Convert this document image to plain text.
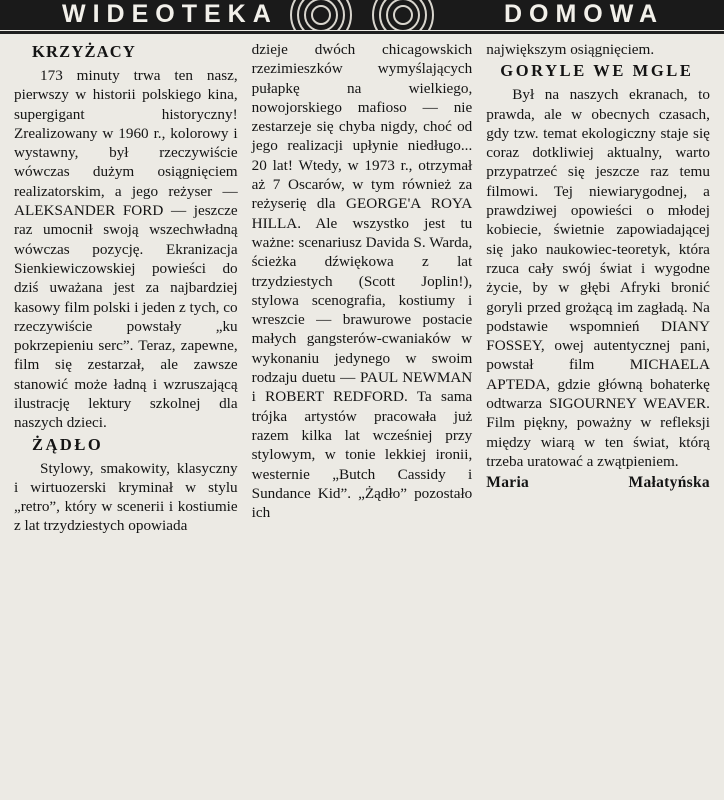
WIDEOTEKA	DOMOWA
KRZYŻACY

173 minuty trwa ten nasz, pierwszy w historii polskiego kina, supergigant historyczny! Zrealizowany w 1960 r., kolorowy i wystawny, był rzeczywiście wówczas dużym osiągnięciem realizatorskim, a jego reżyser — ALEKSANDER FORD — jeszcze raz umocnił swoją wszechwładną wówczas pozycję. Ekranizacja Sienkiewiczowskiej powieści do dziś uważana jest za najbardziej kasowy film polski i jeden z tych, co rzeczywiście powstały „ku pokrzepieniu serc”. Teraz, zapewne, film się zestarzał, ale zawsze stanowić może ładną i wzruszającą ilustrację lektury szkolnej dla naszych dzieci.

ŻĄDŁO

Stylowy, smakowity, klasyczny i wirtuozerski kryminał w stylu „retro”, który w scenerii i kostiumie z lat trzydziestych opowiada

dzieje dwóch chicagowskich rzezimieszków wymyślających pułapkę na wielkiego, nowojorskiego mafioso — nie zestarzeje się chyba nigdy, choć od jego realizacji upłynie niedługo... 20 lat! Wtedy, w 1973 r., otrzymał aż 7 Oscarów, w tym również za reżyserię dla GEORGE'A ROYA HILLA. Ale wszystko jest tu ważne: scenariusz Davida S. Warda, ścieżka dźwiękowa z lat trzydziestych (Scott Joplin!), stylowa scenografia, kostiumy i wreszcie — brawurowe postacie małych gangsterów-cwaniaków w wykonaniu jedynego w swoim rodzaju duetu — PAUL NEWMAN i ROBERT REDFORD. Ta sama trójka artystów pracowała już razem kilka lat wcześniej przy stylowym, w tonie lekkiej ironii, westernie „Butch Cassidy i Sundance Kid”. „Żądło” pozostało ich

największym osiągnięciem.

GORYLE WE MGLE

Był na naszych ekranach, to prawda, ale w obecnych czasach, gdy tzw. temat ekologiczny staje się coraz dotkliwiej aktualny, warto przypatrzeć się jeszcze raz temu filmowi. Tej niewiarygodnej, a prawdziwej opowieści o młodej kobiecie, świetnie zapowiadającej się jako naukowiec-teoretyk, która rzuca cały swój świat i wygodne życie, by w głębi Afryki bronić goryli przed grożącą im zagładą. Na podstawie wspomnień DIANY FOSSEY, owej autentycznej pani, powstał film MICHAELA APTEDA, gdzie główną bohaterkę odtwarza SIGOURNEY WEAVER. Film piękny, poważny w refleksji między wiarą w ten świat, którą trzeba uratować a zwątpieniem.

Maria	Małatyńska
